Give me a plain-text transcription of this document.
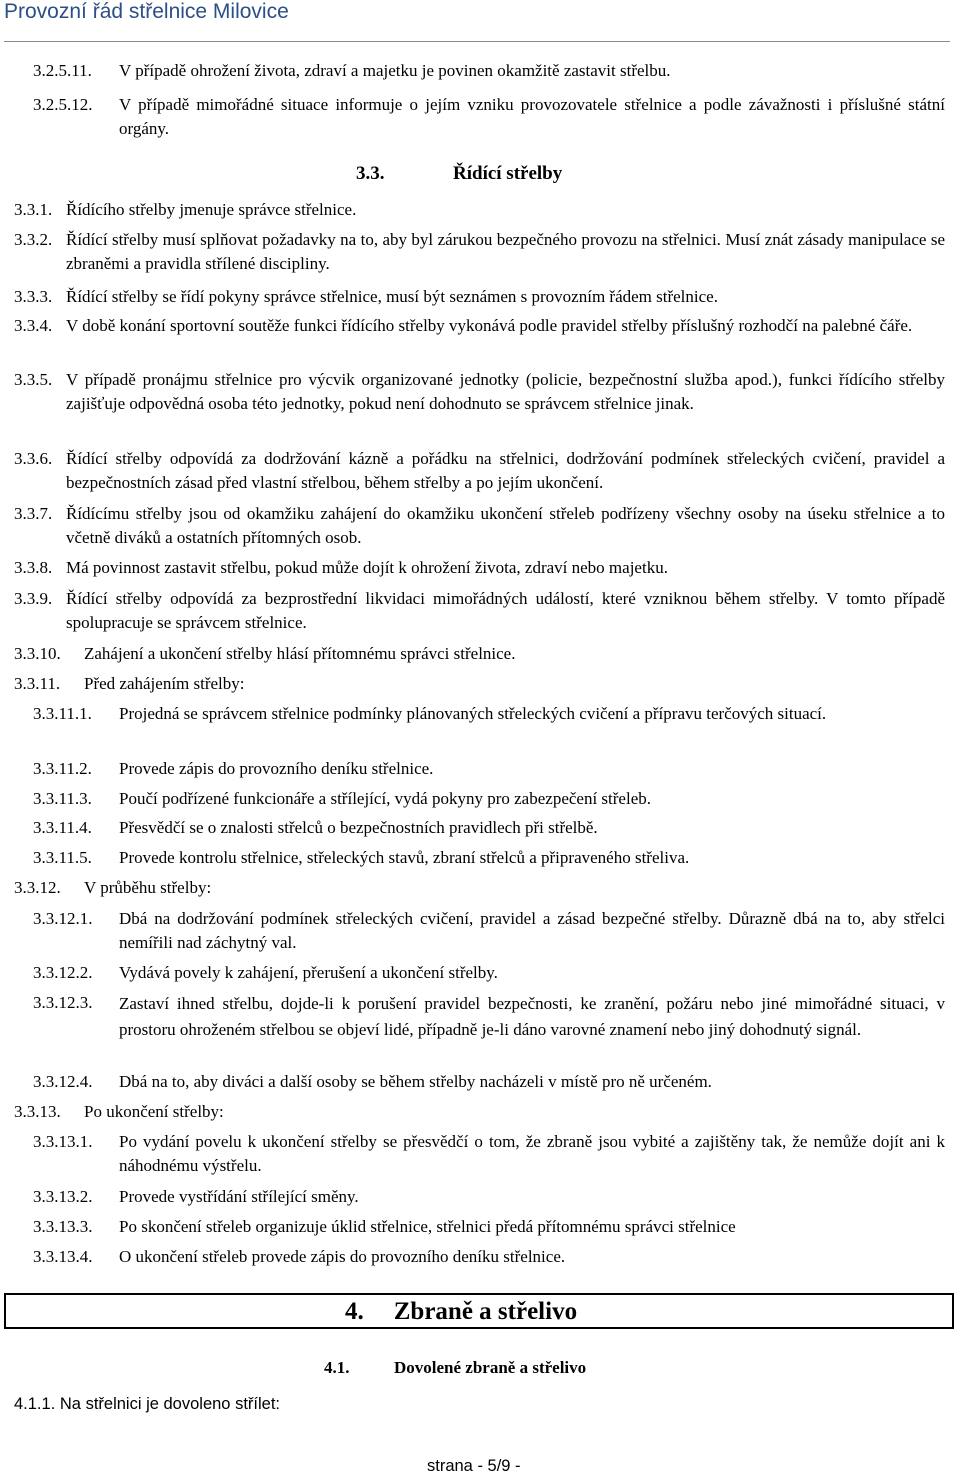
Provozní řád střelnice Milovice
3.2.5.11. V případě ohrožení života, zdraví a majetku je povinen okamžitě zastavit střelbu.
3.2.5.12. V případě mimořádné situace informuje o jejím vzniku provozovatele střelnice a podle závažnosti i příslušné státní orgány.
3.3.	Řídící střelby
3.3.1. Řídícího střelby jmenuje správce střelnice.
3.3.2. Řídící střelby musí splňovat požadavky na to, aby byl zárukou bezpečného provozu na střelnici. Musí znát zásady manipulace se zbraněmi a pravidla střílené discipliny.
3.3.3. Řídící střelby se řídí pokyny správce střelnice, musí být seznámen s provozním řádem střelnice.
3.3.4. V době konání sportovní soutěže funkci řídícího střelby vykonává podle pravidel střelby příslušný rozhodčí na palebné čáře.
3.3.5. V případě pronájmu střelnice pro výcvik organizované jednotky (policie, bezpečnostní služba apod.), funkci řídícího střelby zajišťuje odpovědná osoba této jednotky, pokud není dohodnuto se správcem střelnice jinak.
3.3.6. Řídící střelby odpovídá za dodržování kázně a pořádku na střelnici, dodržování podmínek střeleckých cvičení, pravidel a bezpečnostních zásad před vlastní střelbou, během střelby a po jejím ukončení.
3.3.7. Řídícímu střelby jsou od okamžiku zahájení do okamžiku ukončení střeleb podřízeny všechny osoby na úseku střelnice a to včetně diváků a ostatních přítomných osob.
3.3.8. Má povinnost zastavit střelbu, pokud může dojít k ohrožení života, zdraví nebo majetku.
3.3.9. Řídící střelby odpovídá za bezprostřední likvidaci mimořádných událostí, které vzniknou během střelby. V tomto případě spolupracuje se správcem střelnice.
3.3.10. Zahájení a ukončení střelby hlásí přítomnému správci střelnice.
3.3.11. Před zahájením střelby:
3.3.11.1. Projedná se správcem střelnice podmínky plánovaných střeleckých cvičení a přípravu terčových situací.
3.3.11.2. Provede zápis do provozního deníku střelnice.
3.3.11.3. Poučí podřízené funkcionáře a střílející, vydá pokyny pro zabezpečení střeleb.
3.3.11.4. Přesvědčí se o znalosti střelců o bezpečnostních pravidlech při střelbě.
3.3.11.5. Provede kontrolu střelnice, střeleckých stavů, zbraní střelců a připraveného střeliva.
3.3.12. V průběhu střelby:
3.3.12.1. Dbá na dodržování podmínek střeleckých cvičení, pravidel a zásad bezpečné střelby. Důrazně dbá na to, aby střelci nemířili nad záchytný val.
3.3.12.2. Vydává povely k zahájení, přerušení a ukončení střelby.
3.3.12.3. Zastaví ihned střelbu, dojde-li k porušení pravidel bezpečnosti, ke zranění, požáru nebo jiné mimořádné situaci, v prostoru ohroženém střelbou se objeví lidé, případně je-li dáno varovné znamení nebo jiný dohodnutý signál.
3.3.12.4. Dbá na to, aby diváci a další osoby se během střelby nacházeli v místě pro ně určeném.
3.3.13. Po ukončení střelby:
3.3.13.1. Po vydání povelu k ukončení střelby se přesvědčí o tom, že zbraně jsou vybité a zajištěny tak, že nemůže dojít ani k náhodnému výstřelu.
3.3.13.2. Provede vystřídání střílející směny.
3.3.13.3. Po skončení střeleb organizuje úklid střelnice, střelnici předá přítomnému správci střelnice
3.3.13.4. O ukončení střeleb provede zápis do provozního deníku střelnice.
4. Zbraně a střelivo
4.1.	Dovolené zbraně a střelivo
4.1.1. Na střelnici je dovoleno střílet:
strana - 5/9 -
